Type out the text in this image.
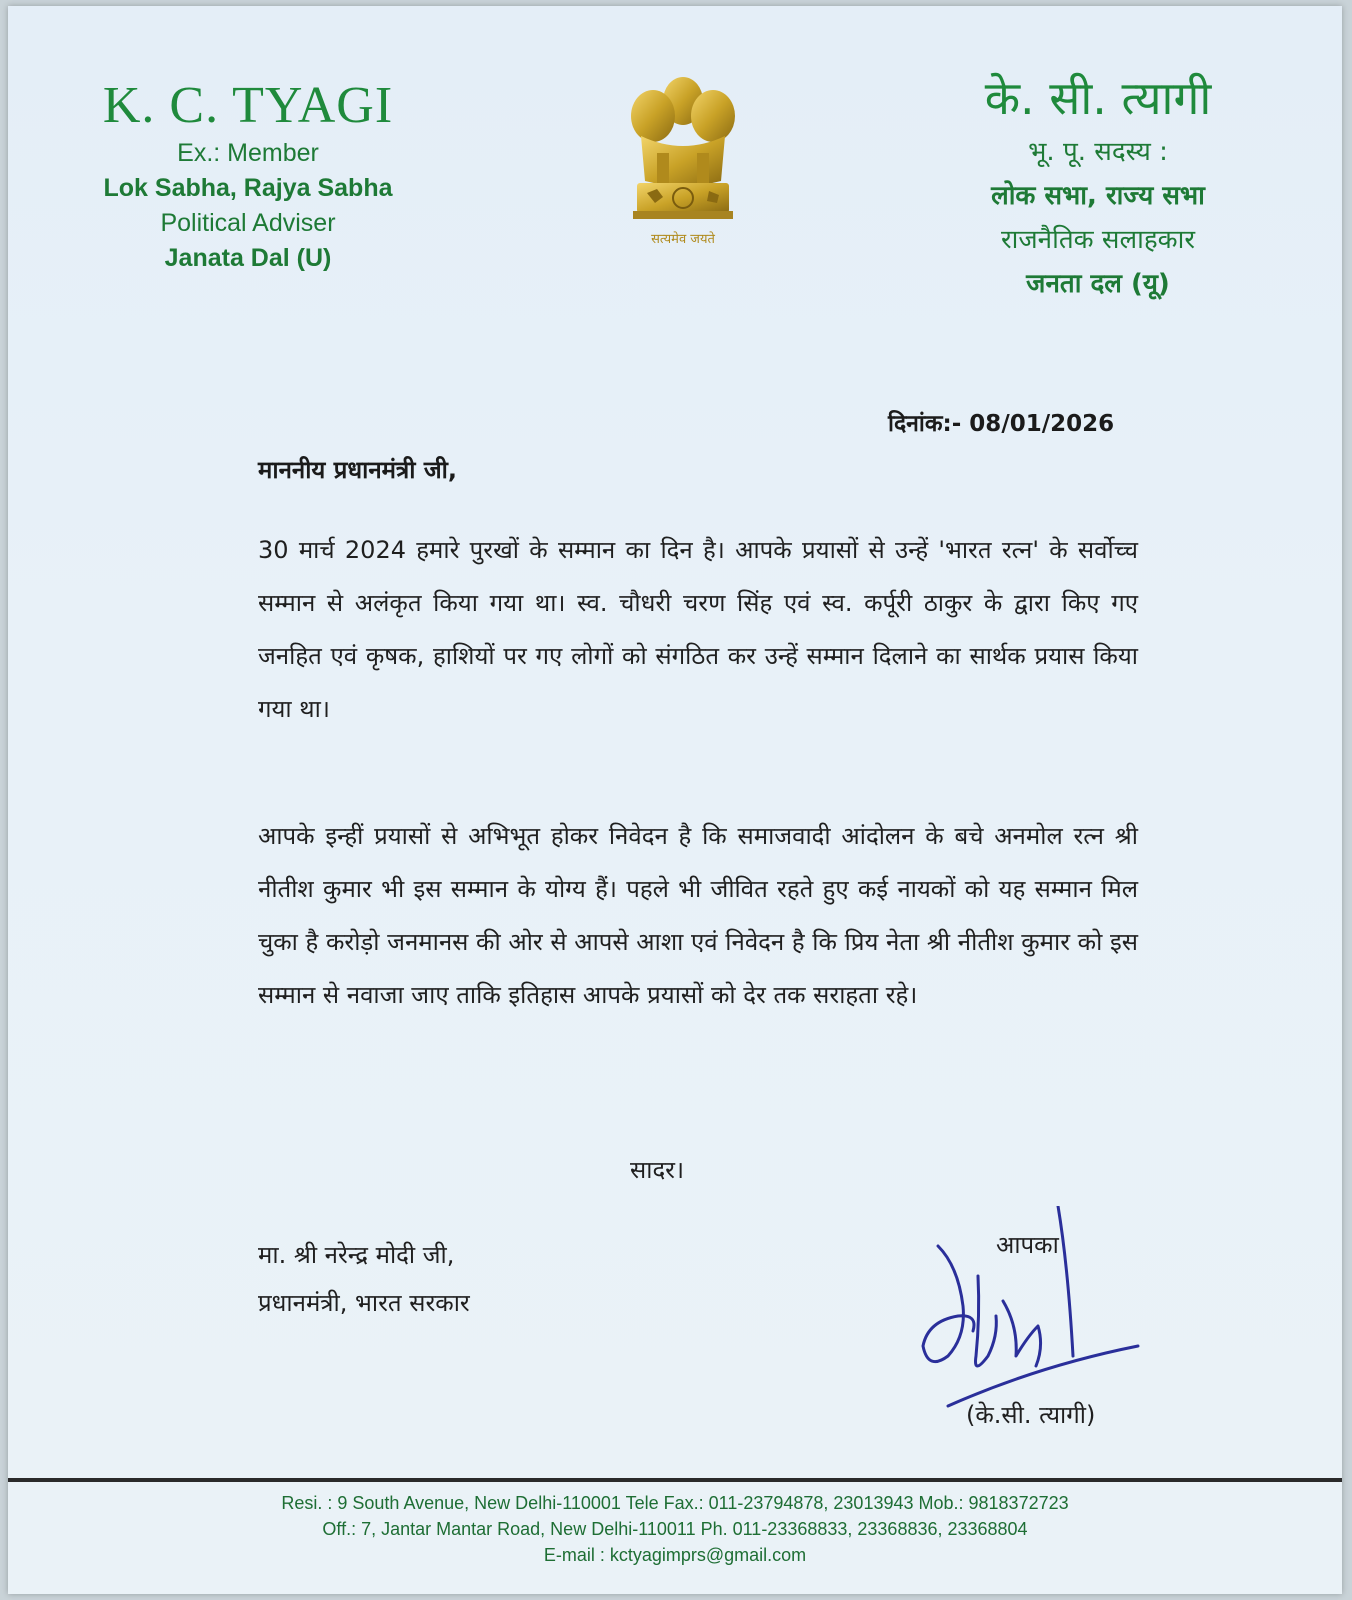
K. C. TYAGI
Ex.: Member
Lok Sabha, Rajya Sabha
Political Adviser
Janata Dal (U)
सत्यमेव जयते
के. सी. त्यागी
भू. पू. सदस्य :
लोक सभा, राज्य सभा
राजनैतिक सलाहकार
जनता दल (यू)
दिनांक:- 08/01/2026
माननीय प्रधानमंत्री जी,
30 मार्च 2024 हमारे पुरखों के सम्मान का दिन है। आपके प्रयासों से उन्हें 'भारत रत्न' के सर्वोच्च सम्मान से अलंकृत किया गया था। स्व. चौधरी चरण सिंह एवं स्व. कर्पूरी ठाकुर के द्वारा किए गए जनहित एवं कृषक, हाशियों पर गए लोगों को संगठित कर उन्हें सम्मान दिलाने का सार्थक प्रयास किया गया था।
आपके इन्हीं प्रयासों से अभिभूत होकर निवेदन है कि समाजवादी आंदोलन के बचे अनमोल रत्न श्री नीतीश कुमार भी इस सम्मान के योग्य हैं। पहले भी जीवित रहते हुए कई नायकों को यह सम्मान मिल चुका है करोड़ो जनमानस की ओर से आपसे आशा एवं निवेदन है कि प्रिय नेता श्री नीतीश कुमार को इस सम्मान से नवाजा जाए ताकि इतिहास आपके प्रयासों को देर तक सराहता रहे।
सादर।
मा. श्री नरेन्द्र मोदी जी,
प्रधानमंत्री, भारत सरकार
आपका
(के.सी. त्यागी)
Resi. : 9 South Avenue, New Delhi-110001 Tele Fax.: 011-23794878, 23013943 Mob.: 9818372723
Off.: 7, Jantar Mantar Road, New Delhi-110011 Ph. 011-23368833, 23368836, 23368804
E-mail : kctyagimprs@gmail.com
